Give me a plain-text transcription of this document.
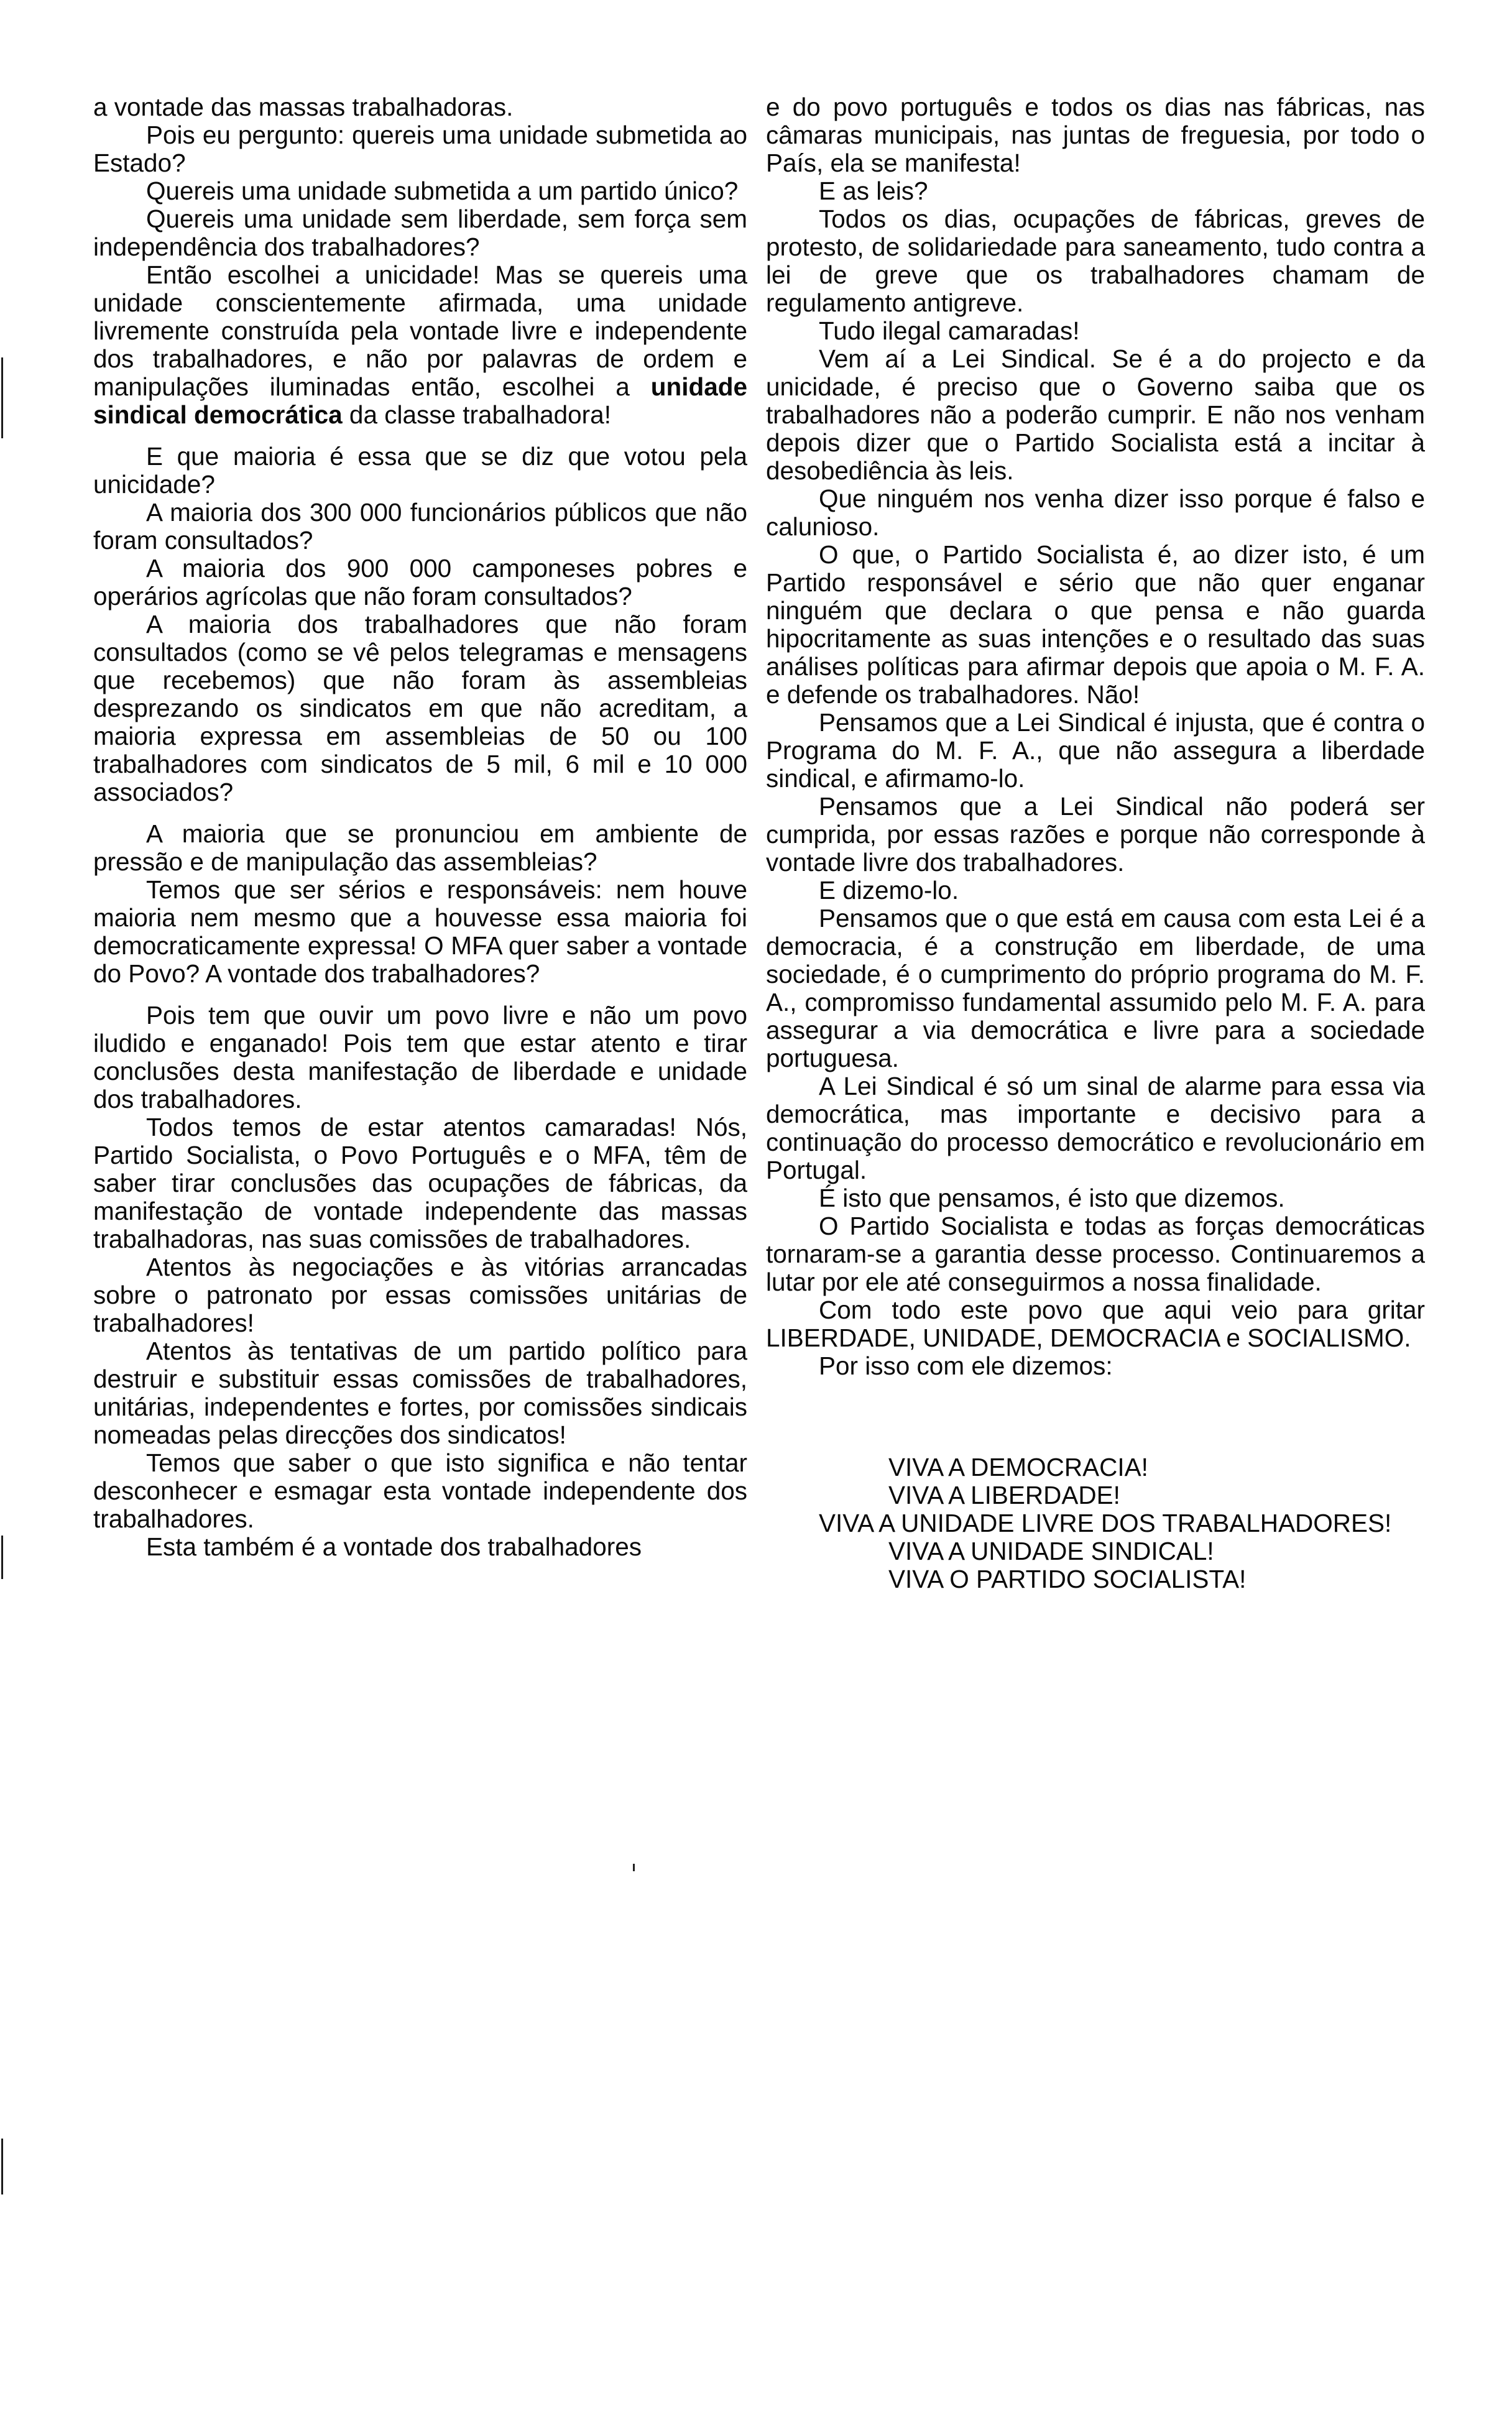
a vontade das massas trabalhadoras.

Pois eu pergunto: quereis uma unidade submetida ao Estado?

Quereis uma unidade submetida a um partido único?

Quereis uma unidade sem liberdade, sem força sem independência dos trabalhadores?

Então escolhei a unicidade! Mas se quereis uma unidade conscientemente afirmada, uma unidade livremente construída pela vontade livre e independente dos trabalhadores, e não por palavras de ordem e manipulações iluminadas então, escolhei a unidade sindical democrática da classe trabalhadora!

E que maioria é essa que se diz que votou pela unicidade?

A maioria dos 300 000 funcionários públicos que não foram consultados?

A maioria dos 900 000 camponeses pobres e operários agrícolas que não foram consultados?

A maioria dos trabalhadores que não foram consultados (como se vê pelos telegramas e mensagens que recebemos) que não foram às assembleias desprezando os sindicatos em que não acreditam, a maioria expressa em assembleias de 50 ou 100 trabalhadores com sindicatos de 5 mil, 6 mil e 10 000 associados?

A maioria que se pronunciou em ambiente de pressão e de manipulação das assembleias?

Temos que ser sérios e responsáveis: nem houve maioria nem mesmo que a houvesse essa maioria foi democraticamente expressa! O MFA quer saber a vontade do Povo? A vontade dos trabalhadores?

Pois tem que ouvir um povo livre e não um povo iludido e enganado! Pois tem que estar atento e tirar conclusões desta manifestação de liberdade e unidade dos trabalhadores.

Todos temos de estar atentos camaradas! Nós, Partido Socialista, o Povo Português e o MFA, têm de saber tirar conclusões das ocupações de fábricas, da manifestação de vontade independente das massas trabalhadoras, nas suas comissões de trabalhadores.

Atentos às negociações e às vitórias arrancadas sobre o patronato por essas comissões unitárias de trabalhadores!

Atentos às tentativas de um partido político para destruir e substituir essas comissões de trabalhadores, unitárias, independentes e fortes, por comissões sindicais nomeadas pelas direcções dos sindicatos!

Temos que saber o que isto significa e não tentar desconhecer e esmagar esta vontade independente dos trabalhadores.

Esta também é a vontade dos trabalhadores

e do povo português e todos os dias nas fábricas, nas câmaras municipais, nas juntas de freguesia, por todo o País, ela se manifesta!

E as leis?

Todos os dias, ocupações de fábricas, greves de protesto, de solidariedade para saneamento, tudo contra a lei de greve que os trabalhadores chamam de regulamento antigreve.

Tudo ilegal camaradas!

Vem aí a Lei Sindical. Se é a do projecto e da unicidade, é preciso que o Governo saiba que os trabalhadores não a poderão cumprir. E não nos venham depois dizer que o Partido Socialista está a incitar à desobediência às leis.

Que ninguém nos venha dizer isso porque é falso e calunioso.

O que, o Partido Socialista é, ao dizer isto, é um Partido responsável e sério que não quer enganar ninguém que declara o que pensa e não guarda hipocritamente as suas intenções e o resultado das suas análises políticas para afirmar depois que apoia o M. F. A. e defende os trabalhadores. Não!

Pensamos que a Lei Sindical é injusta, que é contra o Programa do M. F. A., que não assegura a liberdade sindical, e afirmamo-lo.

Pensamos que a Lei Sindical não poderá ser cumprida, por essas razões e porque não corresponde à vontade livre dos trabalhadores.

E dizemo-lo.

Pensamos que o que está em causa com esta Lei é a democracia, é a construção em liberdade, de uma sociedade, é o cumprimento do próprio programa do M. F. A., compromisso fundamental assumido pelo M. F. A. para assegurar a via democrática e livre para a sociedade portuguesa.

A Lei Sindical é só um sinal de alarme para essa via democrática, mas importante e decisivo para a continuação do processo democrático e revolucionário em Portugal.

É isto que pensamos, é isto que dizemos.

O Partido Socialista e todas as forças democráticas tornaram-se a garantia desse processo. Continuaremos a lutar por ele até conseguirmos a nossa finalidade.

Com todo este povo que aqui veio para gritar LIBERDADE, UNIDADE, DEMOCRACIA e SOCIALISMO.

Por isso com ele dizemos:

VIVA A DEMOCRACIA!

VIVA A LIBERDADE!

VIVA A UNIDADE LIVRE DOS TRABALHADORES!

VIVA A UNIDADE SINDICAL!

VIVA O PARTIDO SOCIALISTA!
